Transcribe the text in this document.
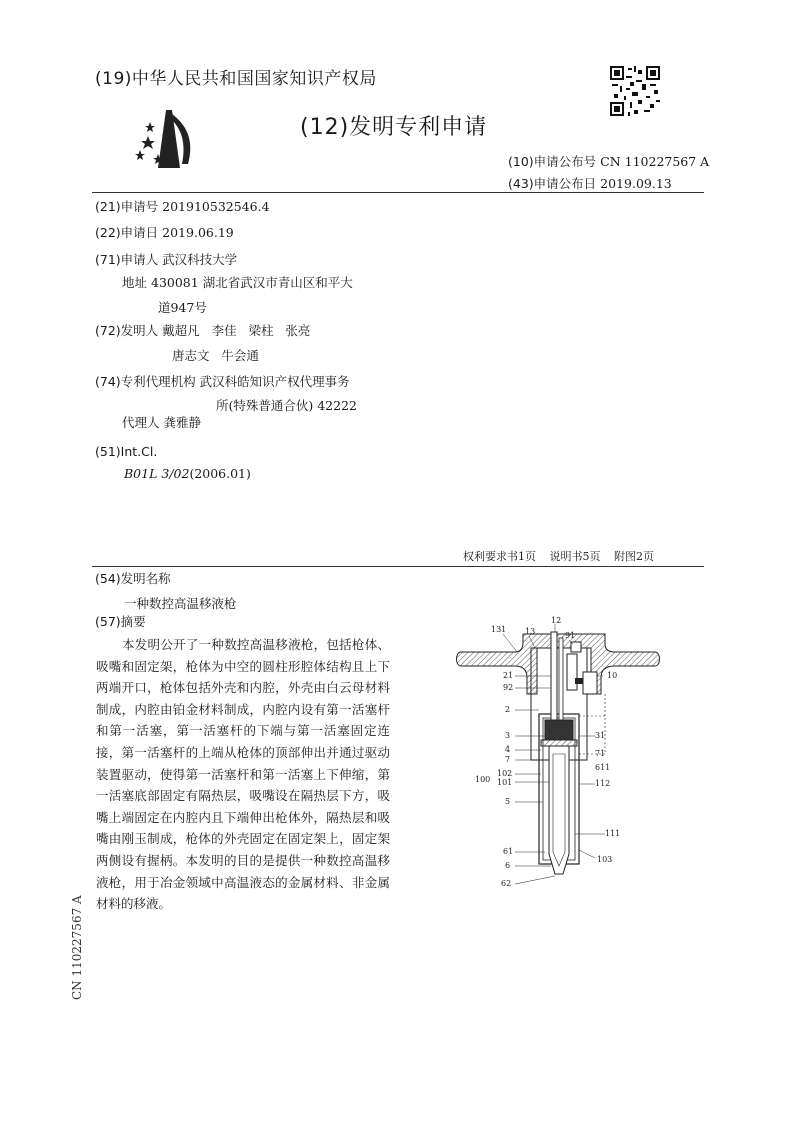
(19)中华人民共和国国家知识产权局
(12)发明专利申请
(10)申请公布号 CN 110227567 A
(43)申请公布日 2019.09.13
(21)申请号 201910532546.4
(22)申请日 2019.06.19
(71)申请人 武汉科技大学
地址 430081 湖北省武汉市青山区和平大
道947号
(72)发明人 戴超凡   李佳   梁柱   张亮
唐志文   牛会通
(74)专利代理机构 武汉科皓知识产权代理事务
所(特殊普通合伙) 42222
代理人 龚雅静
(51)Int.Cl.
B01L 3/02(2006.01)
权利要求书1页 说明书5页 附图2页
(54)发明名称
一种数控高温移液枪
(57)摘要
本发明公开了一种数控高温移液枪，包括枪体、吸嘴和固定架，枪体为中空的圆柱形腔体结构且上下两端开口，枪体包括外壳和内腔，外壳由白云母材料制成，内腔由铂金材料制成，内腔内设有第一活塞杆和第一活塞，第一活塞杆的下端与第一活塞固定连接，第一活塞杆的上端从枪体的顶部伸出并通过驱动装置驱动，使得第一活塞杆和第一活塞上下伸缩，第一活塞底部固定有隔热层，吸嘴设在隔热层下方，吸嘴上端固定在内腔内且下端伸出枪体外，隔热层和吸嘴由刚玉制成，枪体的外壳固定在固定架上，固定架两侧设有握柄。本发明的目的是提供一种数控高温移液枪，用于冶金领域中高温液态的金属材料、非金属材料的移液。
CN 110227567 A
131 13
12
91
21
92
2
3
4
7
100
102
101
5
61
6
62
10
31
71
611
112
111
103
